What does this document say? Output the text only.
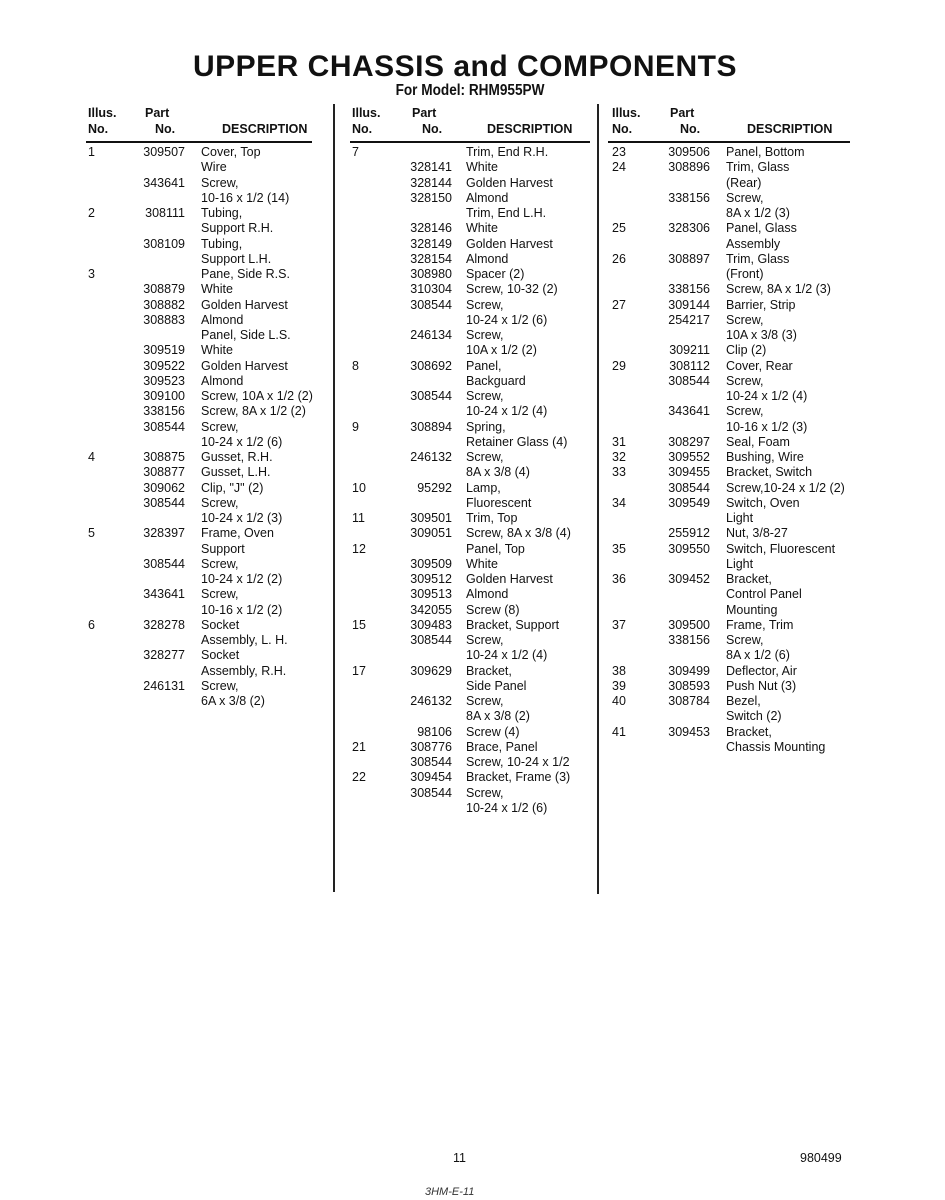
UPPER CHASSIS and COMPONENTS
For Model: RHM955PW
Illus.
No.
Part
No.	DESCRIPTION
1	309507 Cover, Top
Wire
343641 Screw,
10-16 x 1/2 (14)
2	308111 Tubing,
Support R.H.
308109 Tubing,
Support L.H.
3	Pane, Side R.S.
308879 White
308882 Golden Harvest
308883 Almond
Panel, Side L.S.
309519 White
309522 Golden Harvest
309523 Almond
309100 Screw, 10A x 1/2 (2)
338156 Screw, 8A x 1/2 (2)
308544 Screw,
10-24 x 1/2 (6)
4	308875 Gusset, R.H.
308877 Gusset, L.H.
309062 Clip, "J" (2)
308544 Screw,
10-24 x 1/2 (3)
5	328397 Frame, Oven
Support
308544 Screw,
10-24 x 1/2 (2)
343641 Screw,
10-16 x 1/2 (2)
6	328278 Socket
Assembly, L. H.
328277 Socket
Assembly, R.H.
246131 Screw,
6A x 3/8 (2)
Illus.
No.
Part
No.	DESCRIPTION
7	Trim, End R.H.
328141 White
328144 Golden Harvest
328150 Almond
Trim, End L.H.
328146 White
328149 Golden Harvest
328154 Almond
308980 Spacer (2)
310304 Screw, 10-32 (2)
308544 Screw,
10-24 x 1/2 (6)
246134 Screw,
10A x 1/2 (2)
8	308692 Panel,
Backguard
308544 Screw,
10-24 x 1/2 (4)
9	308894 Spring,
Retainer Glass (4)
246132 Screw,
8A x 3/8 (4)
10	95292 Lamp,
Fluorescent
11	309501 Trim, Top
309051 Screw, 8A x 3/8 (4)
12	Panel, Top
309509 White
309512 Golden Harvest
309513 Almond
342055 Screw (8)
15	309483 Bracket, Support
308544 Screw,
10-24 x 1/2 (4)
17	309629 Bracket,
Side Panel
246132 Screw,
8A x 3/8 (2)
98106 Screw (4)
21	308776 Brace, Panel
308544 Screw, 10-24 x 1/2
22	309454 Bracket, Frame (3)
308544 Screw,
10-24 x 1/2 (6)
Illus.
No.
Part
No.	DESCRIPTION
23	309506 Panel, Bottom
24	308896 Trim, Glass
(Rear)
338156 Screw,
8A x 1/2 (3)
25	328306 Panel, Glass
Assembly
26	308897 Trim, Glass
(Front)
338156 Screw, 8A x 1/2 (3)
27	309144 Barrier, Strip
254217 Screw,
10A x 3/8 (3)
309211 Clip (2)
29	308112 Cover, Rear
308544 Screw,
10-24 x 1/2 (4)
343641 Screw,
10-16 x 1/2 (3)
31	308297 Seal, Foam
32	309552 Bushing, Wire
33	309455 Bracket, Switch
308544 Screw,10-24 x 1/2 (2)
34	309549 Switch, Oven
Light
255912 Nut, 3/8-27
35	309550 Switch, Fluorescent
Light
36	309452 Bracket,
Control Panel
Mounting
37	309500 Frame, Trim
338156 Screw,
8A x 1/2 (6)
38	309499 Deflector, Air
39	308593 Push Nut (3)
40	308784 Bezel,
Switch (2)
41	309453 Bracket,
Chassis Mounting
11	980499
3HM-E-11
